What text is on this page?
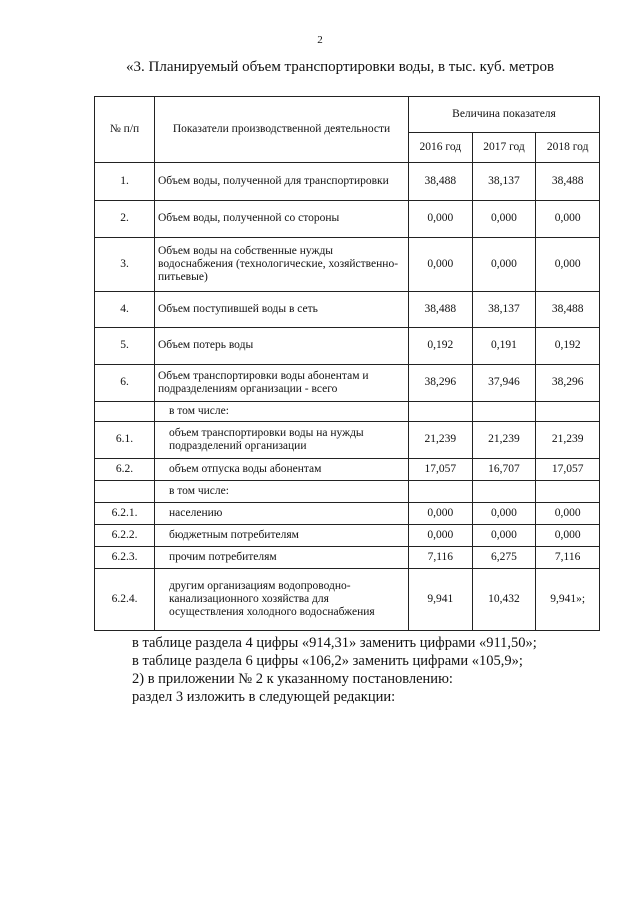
2
«3. Планируемый объем транспортировки воды, в тыс. куб. метров
№ п/п	Показатели производственной деятельности	Величина показателя		
		2016 год	2017 год	2018 год
1.	Объем воды, полученной для транспортировки	38,488	38,137	38,488
2.	Объем воды, полученной со стороны	0,000	0,000	0,000
3.	Объем воды на собственные нужды водоснабжения (технологические, хозяйственно-питьевые)	0,000	0,000	0,000
4.	Объем поступившей воды в сеть	38,488	38,137	38,488
5.	Объем потерь воды	0,192	0,191	0,192
6.	Объем транспортировки воды абонентам и подразделениям организации - всего	38,296	37,946	38,296
	в том числе:			
6.1.	объем транспортировки воды на нужды подразделений организации	21,239	21,239	21,239
6.2.	объем отпуска воды абонентам	17,057	16,707	17,057
	в том числе:			
6.2.1.	населению	0,000	0,000	0,000
6.2.2.	бюджетным потребителям	0,000	0,000	0,000
6.2.3.	прочим потребителям	7,116	6,275	7,116
6.2.4.	другим организациям водопроводно-канализационного хозяйства для осуществления холодного водоснабжения	9,941	10,432	9,941»;

в таблице раздела 4 цифры «914,31» заменить цифрами «911,50»;

в таблице раздела 6 цифры «106,2» заменить цифрами «105,9»;

2) в приложении № 2 к указанному постановлению:

раздел 3 изложить в следующей редакции:
